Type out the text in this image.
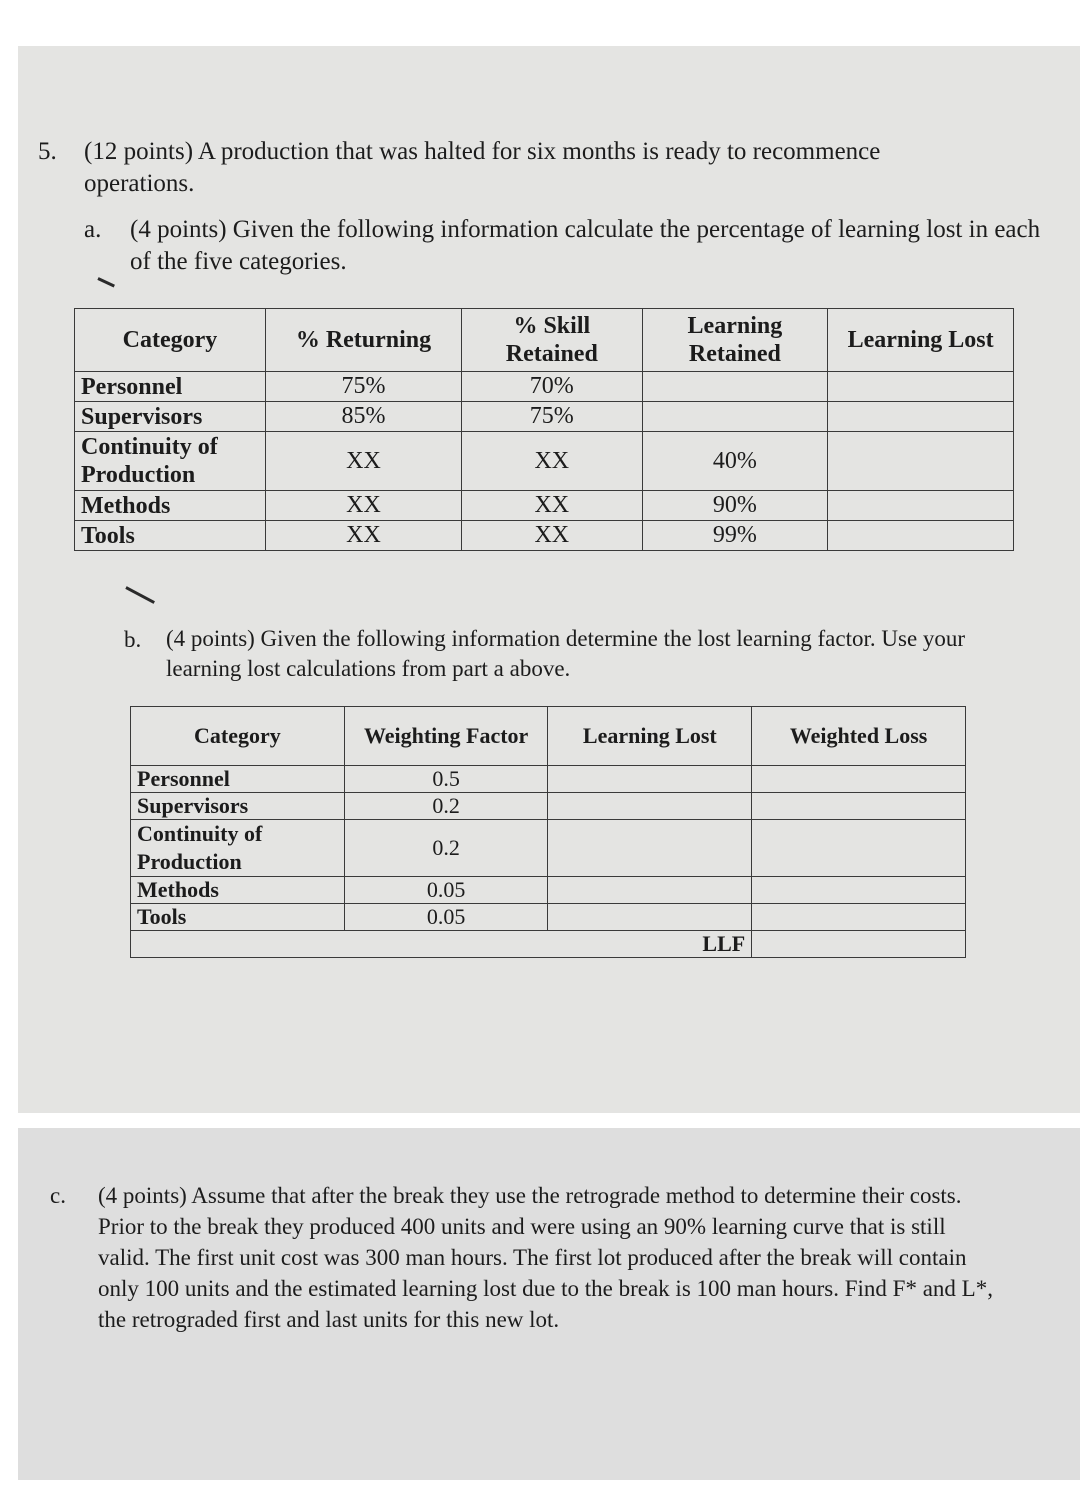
5. (12 points) A production that was halted for six months is ready to recommence operations.
a. (4 points) Given the following information calculate the percentage of learning lost in each of the five categories.
Category	% Returning	% Skill Retained	Learning Retained	Learning Lost
Personnel	75%	70%		
Supervisors	85%	75%		
Continuity of Production	XX	XX	40%	
Methods	XX	XX	90%	
Tools	XX	XX	99%	
b. (4 points) Given the following information determine the lost learning factor. Use your learning lost calculations from part a above.
Category	Weighting Factor	Learning Lost	Weighted Loss
Personnel	0.5		
Supervisors	0.2		
Continuity of Production	0.2		
Methods	0.05		
Tools	0.05		
LLF			
c. (4 points) Assume that after the break they use the retrograde method to determine their costs. Prior to the break they produced 400 units and were using an 90% learning curve that is still valid. The first unit cost was 300 man hours. The first lot produced after the break will contain only 100 units and the estimated learning lost due to the break is 100 man hours. Find F* and L*, the retrograded first and last units for this new lot.
